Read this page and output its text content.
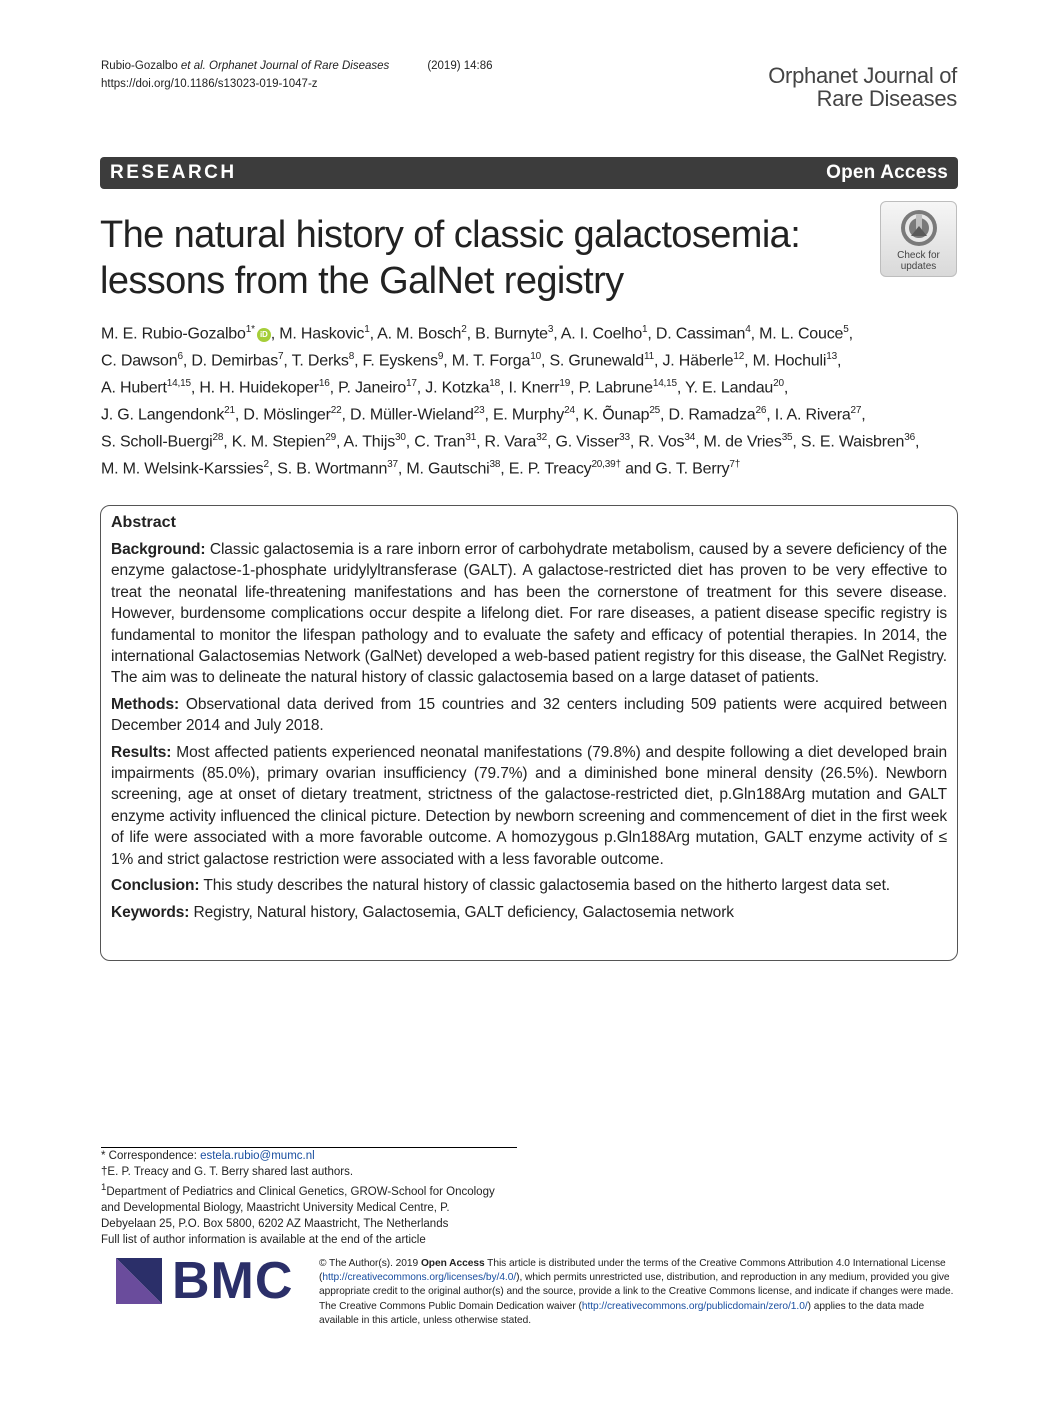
Rubio-Gozalbo et al. Orphanet Journal of Rare Diseases	(2019) 14:86
https://doi.org/10.1186/s13023-019-1047-z	Orphanet Journal of
Rare Diseases
RESEARCH	Open Access
The natural history of classic galactosemia:
lessons from the GalNet registry
Check for
updates
M. E. Rubio-Gozalbo$^{1*}$ iD , M. Haskovic$^1$, A. M. Bosch$^2$, B. Burnyte$^3$, A. I. Coelho$^1$, D. Cassiman$^4$, M. L. Couce$^5$,
C. Dawson$^6$, D. Demirbas$^7$, T. Derks$^8$, F. Eyskens$^9$, M. T. Forga$^{10}$, S. Grunewald$^{11}$, J. Häberle$^{12}$, M. Hochuli$^{13}$,
A. Hubert$^{14,15}$, H. H. Huidekoper$^{16}$, P. Janeiro$^{17}$, J. Kotzka$^{18}$, I. Knerr$^{19}$, P. Labrune$^{14,15}$, Y. E. Landau$^{20}$,
J. G. Langendonk$^{21}$, D. Möslinger$^{22}$, D. Müller-Wieland$^{23}$, E. Murphy$^{24}$, K. Õunap$^{25}$, D. Ramadza$^{26}$, I. A. Rivera$^{27}$,
S. Scholl-Buergi$^{28}$, K. M. Stepien$^{29}$, A. Thijs$^{30}$, C. Tran$^{31}$, R. Vara$^{32}$, G. Visser$^{33}$, R. Vos$^{34}$, M. de Vries$^{35}$, S. E. Waisbren$^{36}$,
M. M. Welsink-Karssies$^2$, S. B. Wortmann$^{37}$, M. Gautschi$^{38}$, E. P. Treacy$^{20,39\dagger}$ and G. T. Berry$^{7\dagger}$
Abstract

Background: Classic galactosemia is a rare inborn error of carbohydrate metabolism, caused by a severe deficiency of the enzyme galactose-1-phosphate uridylyltransferase (GALT). A galactose-restricted diet has proven to be very effective to treat the neonatal life-threatening manifestations and has been the cornerstone of treatment for this severe disease. However, burdensome complications occur despite a lifelong diet. For rare diseases, a patient disease specific registry is fundamental to monitor the lifespan pathology and to evaluate the safety and efficacy of potential therapies. In 2014, the international Galactosemias Network (GalNet) developed a web-based patient registry for this disease, the GalNet Registry. The aim was to delineate the natural history of classic galactosemia based on a large dataset of patients.

Methods: Observational data derived from 15 countries and 32 centers including 509 patients were acquired between December 2014 and July 2018.

Results: Most affected patients experienced neonatal manifestations (79.8%) and despite following a diet developed brain impairments (85.0%), primary ovarian insufficiency (79.7%) and a diminished bone mineral density (26.5%). Newborn screening, age at onset of dietary treatment, strictness of the galactose-restricted diet, p.Gln188Arg mutation and GALT enzyme activity influenced the clinical picture. Detection by newborn screening and commencement of diet in the first week of life were associated with a more favorable outcome. A homozygous p.Gln188Arg mutation, GALT enzyme activity of ≤ 1% and strict galactose restriction were associated with a less favorable outcome.

Conclusion: This study describes the natural history of classic galactosemia based on the hitherto largest data set.

Keywords: Registry, Natural history, Galactosemia, GALT deficiency, Galactosemia network

* Correspondence: estela.rubio@mumc.nl
†E. P. Treacy and G. T. Berry shared last authors.
$^1$Department of Pediatrics and Clinical Genetics, GROW-School for Oncology
and Developmental Biology, Maastricht University Medical Centre, P.
Debyelaan 25, P.O. Box 5800, 6202 AZ Maastricht, The Netherlands
Full list of author information is available at the end of the article
BMC	© The Author(s). 2019 Open Access This article is distributed under the terms of the Creative Commons Attribution 4.0 International License (http://creativecommons.org/licenses/by/4.0/), which permits unrestricted use, distribution, and reproduction in any medium, provided you give appropriate credit to the original author(s) and the source, provide a link to the Creative Commons license, and indicate if changes were made. The Creative Commons Public Domain Dedication waiver (http://creativecommons.org/publicdomain/zero/1.0/) applies to the data made available in this article, unless otherwise stated.
